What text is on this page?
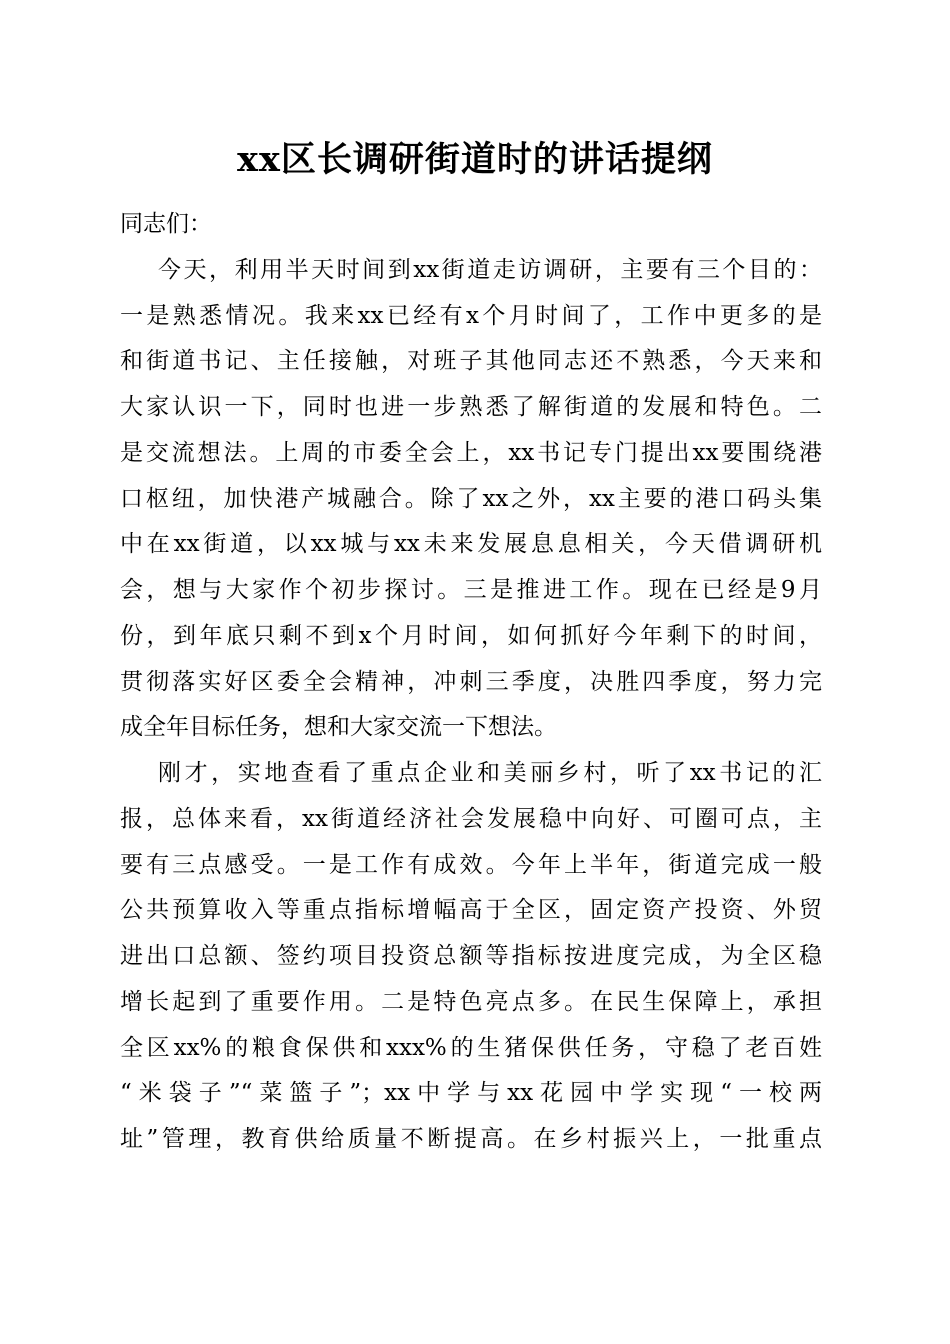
xx区长调研街道时的讲话提纲
同志们：
今天，利用半天时间到xx街道走访调研，主要有三个目的：
一是熟悉情况。我来xx已经有x个月时间了，工作中更多的是
和街道书记、主任接触，对班子其他同志还不熟悉，今天来和
大家认识一下，同时也进一步熟悉了解街道的发展和特色。二
是交流想法。上周的市委全会上，xx书记专门提出xx要围绕港
口枢纽，加快港产城融合。除了xx之外，xx主要的港口码头集
中在xx街道，以xx城与xx未来发展息息相关，今天借调研机
会，想与大家作个初步探讨。三是推进工作。现在已经是9月
份，到年底只剩不到x个月时间，如何抓好今年剩下的时间，
贯彻落实好区委全会精神，冲刺三季度，决胜四季度，努力完
成全年目标任务，想和大家交流一下想法。
刚才，实地查看了重点企业和美丽乡村，听了xx书记的汇
报，总体来看，xx街道经济社会发展稳中向好、可圈可点，主
要有三点感受。一是工作有成效。今年上半年，街道完成一般
公共预算收入等重点指标增幅高于全区，固定资产投资、外贸
进出口总额、签约项目投资总额等指标按进度完成，为全区稳
增长起到了重要作用。二是特色亮点多。在民生保障上，承担
全区xx%的粮食保供和xxx%的生猪保供任务，守稳了老百姓
“米袋子”“菜篮子”；xx中学与xx花园中学实现“一校两
址”管理，教育供给质量不断提高。在乡村振兴上，一批重点
